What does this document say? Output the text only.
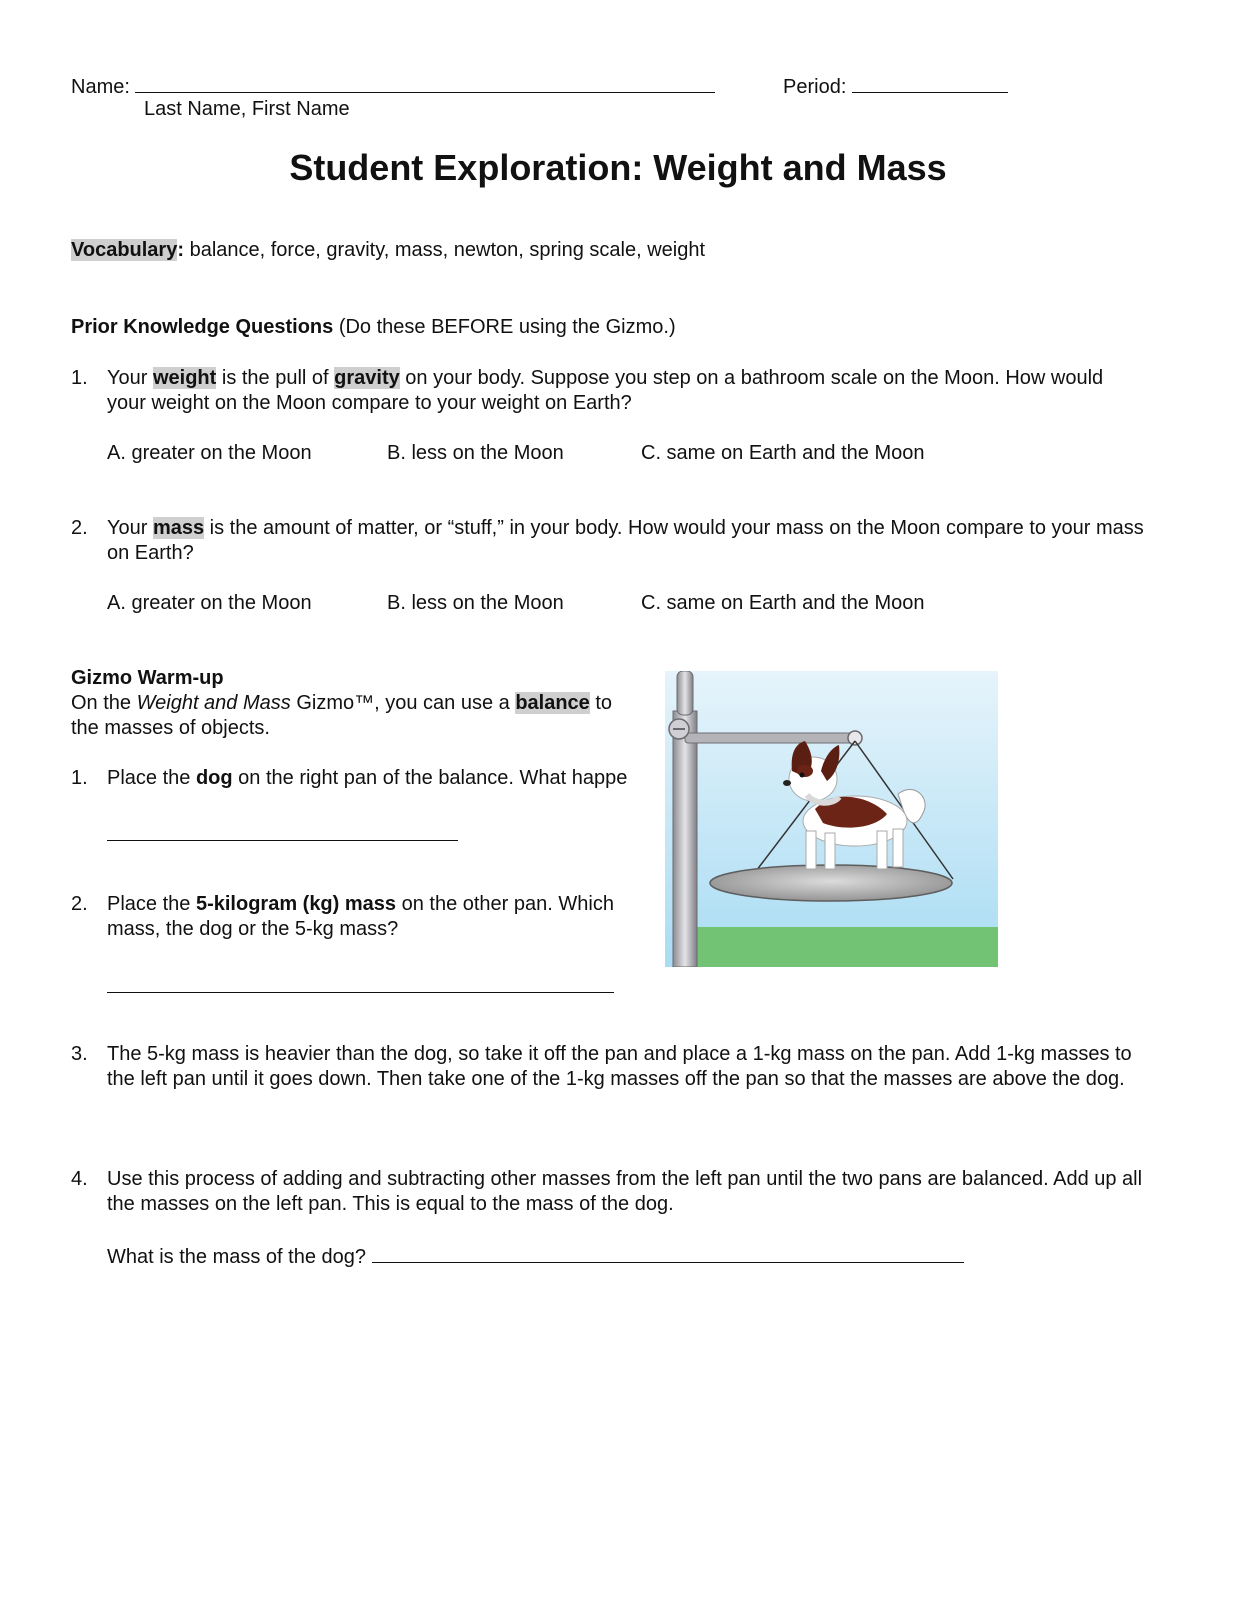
Name:
Last Name, First Name
Period:
Student Exploration: Weight and Mass
Vocabulary: balance, force, gravity, mass, newton, spring scale, weight
Prior Knowledge Questions (Do these BEFORE using the Gizmo.)
1. Your weight is the pull of gravity on your body. Suppose you step on a bathroom scale on the Moon. How would your weight on the Moon compare to your weight on Earth?
A. greater on the Moon	B. less on the Moon	C. same on Earth and the Moon
2. Your mass is the amount of matter, or “stuff,” in your body. How would your mass on the Moon compare to your mass on Earth?
A. greater on the Moon	B. less on the Moon	C. same on Earth and the Moon
Gizmo Warm-up
On the Weight and Mass Gizmo™, you can use a balance to
the masses of objects.
1. Place the dog on the right pan of the balance. What happe
2. Place the 5-kilogram (kg) mass on the other pan. Which
mass, the dog or the 5-kg mass?
3. The 5-kg mass is heavier than the dog, so take it off the pan and place a 1-kg mass on the pan. Add 1-kg masses to the left pan until it goes down. Then take one of the 1-kg masses off the pan so that the masses are above the dog.
4. Use this process of adding and subtracting other masses from the left pan until the two pans are balanced. Add up all the masses on the left pan. This is equal to the mass of the dog.
What is the mass of the dog?
